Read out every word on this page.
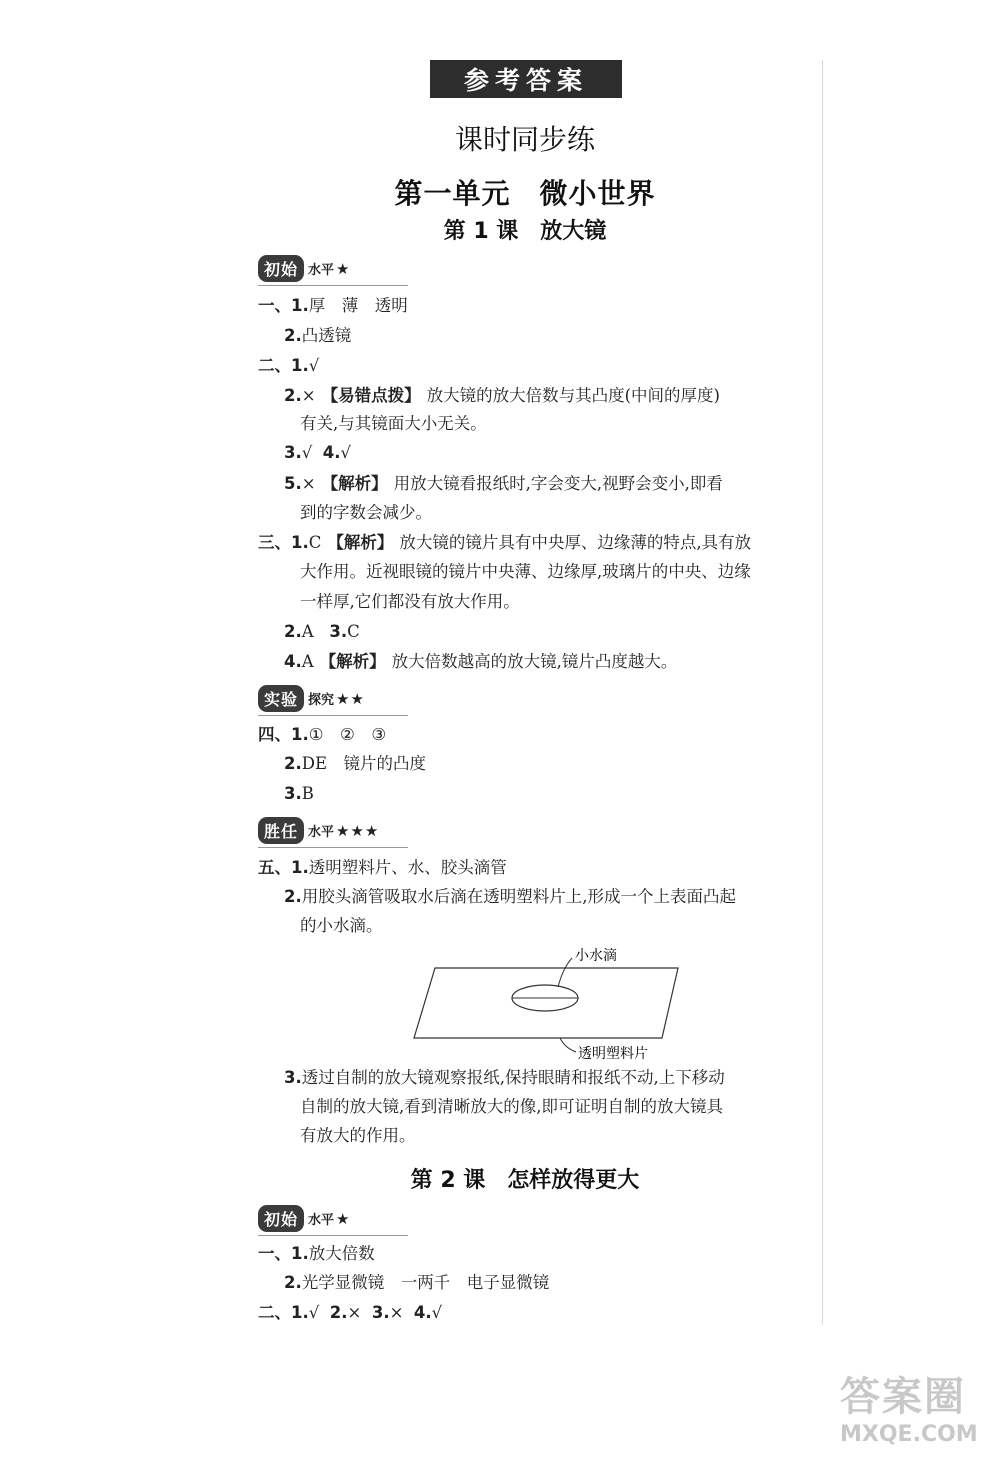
参考答案
课时同步练
第一单元　微小世界
第 1 课　放大镜
初始 水平 ★
一、1.厚　薄　透明
2.凸透镜
二、1.√
2.× 【易错点拨】 放大镜的放大倍数与其凸度(中间的厚度)
有关,与其镜面大小无关。
3.√ 4.√
5.× 【解析】 用放大镜看报纸时,字会变大,视野会变小,即看
到的字数会减少。
三、1.C 【解析】 放大镜的镜片具有中央厚、边缘薄的特点,具有放
大作用。近视眼镜的镜片中央薄、边缘厚,玻璃片的中央、边缘
一样厚,它们都没有放大作用。
2.A 3.C
4.A 【解析】 放大倍数越高的放大镜,镜片凸度越大。
实验 探究 ★★
四、1.①　②　③
2.DE　镜片的凸度
3.B
胜任 水平 ★★★
五、1.透明塑料片、水、胶头滴管
2.用胶头滴管吸取水后滴在透明塑料片上,形成一个上表面凸起
的小水滴。
小水滴
透明塑料片
3.透过自制的放大镜观察报纸,保持眼睛和报纸不动,上下移动
自制的放大镜,看到清晰放大的像,即可证明自制的放大镜具
有放大的作用。
第 2 课　怎样放得更大
初始 水平 ★
一、1.放大倍数
2.光学显微镜　一两千　电子显微镜
二、1.√ 2.× 3.× 4.√
答案圈
MXQE.COM
